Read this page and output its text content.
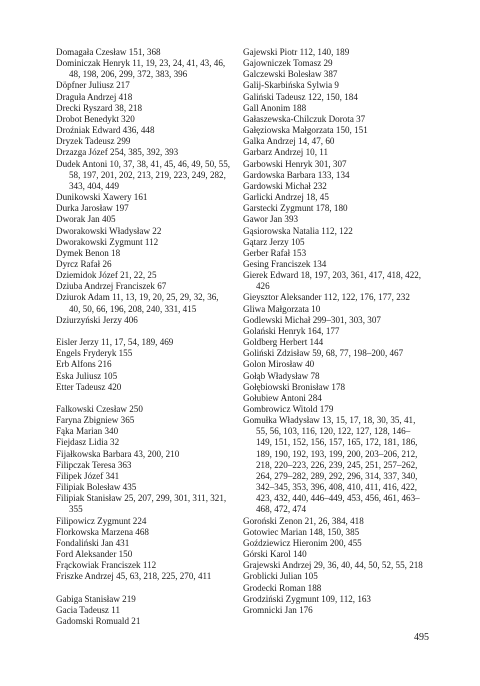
Domagała Czesław 151, 368
Dominiczak Henryk 11, 19, 23, 24, 41, 43, 46, 48, 198, 206, 299, 372, 383, 396
Döpfner Juliusz 217
Draguła Andrzej 418
Drecki Ryszard 38, 218
Drobot Benedykt 320
Droźniak Edward 436, 448
Dryzek Tadeusz 299
Drzazga Józef 254, 385, 392, 393
Dudek Antoni 10, 37, 38, 41, 45, 46, 49, 50, 55, 58, 197, 201, 202, 213, 219, 223, 249, 282, 343, 404, 449
Dunikowski Xawery 161
Durka Jarosław 197
Dworak Jan 405
Dworakowski Władysław 22
Dworakowski Zygmunt 112
Dymek Benon 18
Dyrcz Rafał 26
Dziemidok Józef 21, 22, 25
Dziuba Andrzej Franciszek 67
Dziurok Adam 11, 13, 19, 20, 25, 29, 32, 36, 40, 50, 66, 196, 208, 240, 331, 415
Dziurzyński Jerzy 406
Eisler Jerzy 11, 17, 54, 189, 469
Engels Fryderyk 155
Erb Alfons 216
Eska Juliusz 105
Etter Tadeusz 420
Falkowski Czesław 250
Faryna Zbigniew 365
Fąka Marian 340
Fiejdasz Lidia 32
Fijałkowska Barbara 43, 200, 210
Filipczak Teresa 363
Filipek Józef 341
Filipiak Bolesław 435
Filipiak Stanisław 25, 207, 299, 301, 311, 321, 355
Filipowicz Zygmunt 224
Florkowska Marzena 468
Fondaliński Jan 431
Ford Aleksander 150
Frąckowiak Franciszek 112
Friszke Andrzej 45, 63, 218, 225, 270, 411
Gabiga Stanisław 219
Gacia Tadeusz 11
Gadomski Romuald 21
Gajewski Piotr 112, 140, 189
Gajowniczek Tomasz 29
Galczewski Bolesław 387
Galij-Skarbińska Sylwia 9
Galiński Tadeusz 122, 150, 184
Gall Anonim 188
Gałaszewska-Chilczuk Dorota 37
Gałęziowska Małgorzata 150, 151
Galka Andrzej 14, 47, 60
Garbarz Andrzej 10, 11
Garbowski Henryk 301, 307
Gardowska Barbara 133, 134
Gardowski Michał 232
Garlicki Andrzej 18, 45
Garstecki Zygmunt 178, 180
Gawor Jan 393
Gąsiorowska Natalia 112, 122
Gątarz Jerzy 105
Gerber Rafał 153
Gesing Franciszek 134
Gierek Edward 18, 197, 203, 361, 417, 418, 422, 426
Gieysztor Aleksander 112, 122, 176, 177, 232
Gliwa Małgorzata 10
Godlewski Michał 299–301, 303, 307
Golański Henryk 164, 177
Goldberg Herbert 144
Goliński Zdzisław 59, 68, 77, 198–200, 467
Golon Mirosław 40
Gołąb Władysław 78
Gołębiowski Bronisław 178
Gołubiew Antoni 284
Gombrowicz Witold 179
Gomułka Władysław 13, 15, 17, 18, 30, 35, 41, 55, 56, 103, 116, 120, 122, 127, 128, 146–149, 151, 152, 156, 157, 165, 172, 181, 186, 189, 190, 192, 193, 199, 200, 203–206, 212, 218, 220–223, 226, 239, 245, 251, 257–262, 264, 279–282, 289, 292, 296, 314, 337, 340, 342–345, 353, 396, 408, 410, 411, 416, 422, 423, 432, 440, 446–449, 453, 456, 461, 463–468, 472, 474
Goroński Zenon 21, 26, 384, 418
Gotowiec Marian 148, 150, 385
Goździewicz Hieronim 200, 455
Górski Karol 140
Grajewski Andrzej 29, 36, 40, 44, 50, 52, 55, 218
Groblicki Julian 105
Grodecki Roman 188
Grodziński Zygmunt 109, 112, 163
Gromnicki Jan 176
495
